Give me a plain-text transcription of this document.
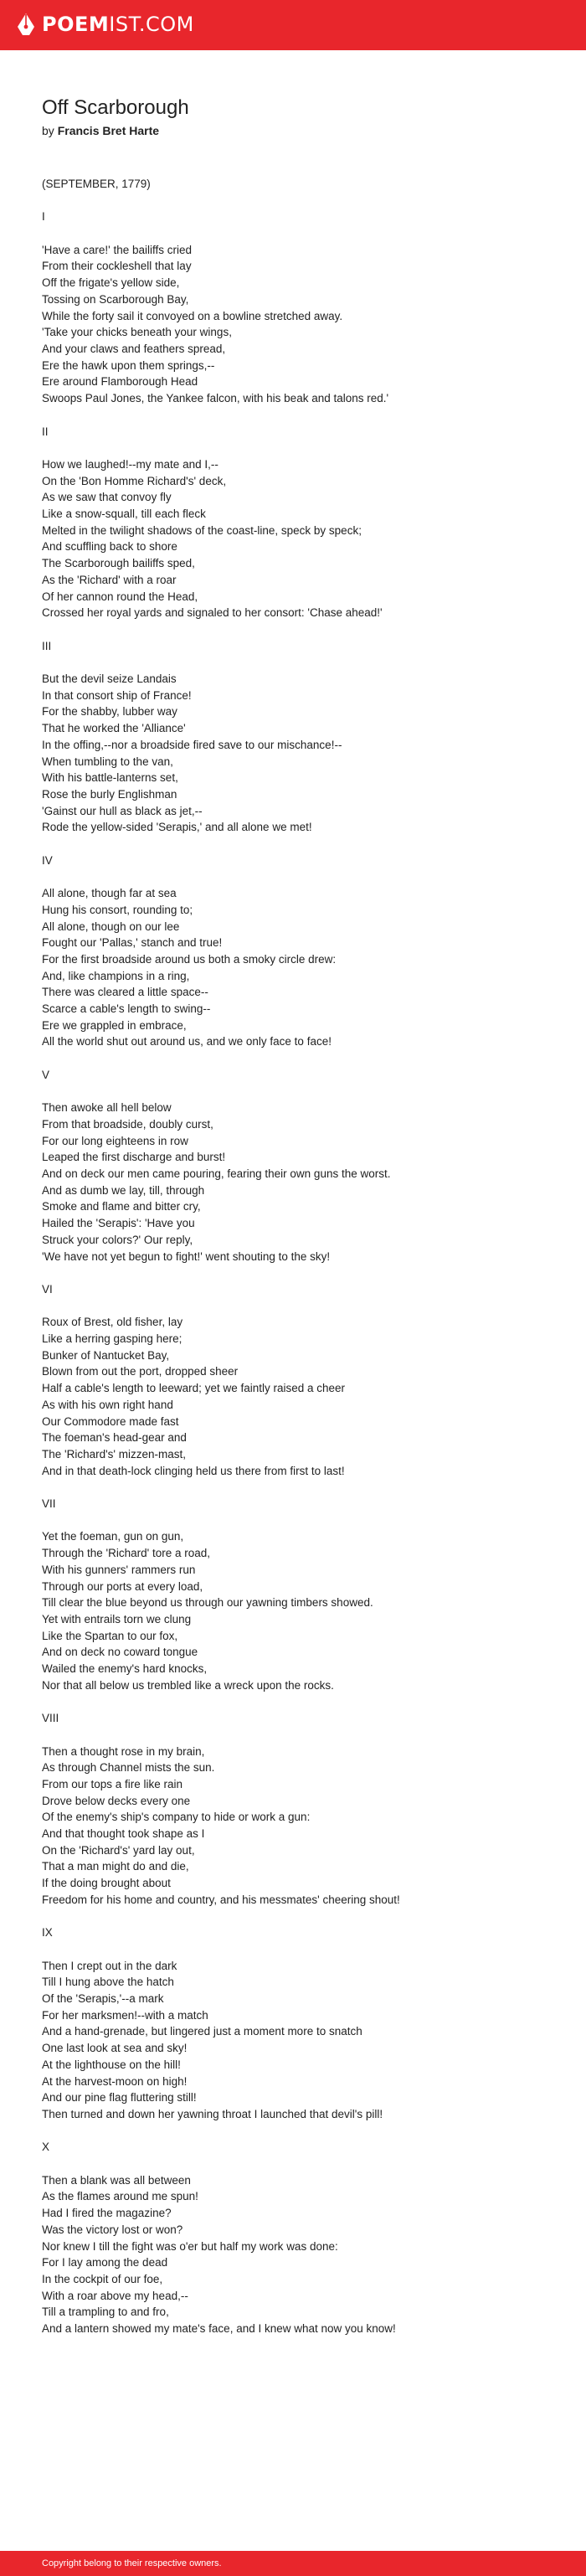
POEMIST.COM
Off Scarborough
by Francis Bret Harte
(SEPTEMBER, 1779)
I
'Have a care!' the bailiffs cried
From their cockleshell that lay
Off the frigate's yellow side,
Tossing on Scarborough Bay,
While the forty sail it convoyed on a bowline stretched away.
'Take your chicks beneath your wings,
And your claws and feathers spread,
Ere the hawk upon them springs,--
Ere around Flamborough Head
Swoops Paul Jones, the Yankee falcon, with his beak and talons red.'
II
How we laughed!--my mate and I,--
On the 'Bon Homme Richard's' deck,
As we saw that convoy fly
Like a snow-squall, till each fleck
Melted in the twilight shadows of the coast-line, speck by speck;
And scuffling back to shore
The Scarborough bailiffs sped,
As the 'Richard' with a roar
Of her cannon round the Head,
Crossed her royal yards and signaled to her consort: 'Chase ahead!'
III
But the devil seize Landais
In that consort ship of France!
For the shabby, lubber way
That he worked the 'Alliance'
In the offing,--nor a broadside fired save to our mischance!--
When tumbling to the van,
With his battle-lanterns set,
Rose the burly Englishman
'Gainst our hull as black as jet,--
Rode the yellow-sided 'Serapis,' and all alone we met!
IV
All alone, though far at sea
Hung his consort, rounding to;
All alone, though on our lee
Fought our 'Pallas,' stanch and true!
For the first broadside around us both a smoky circle drew:
And, like champions in a ring,
There was cleared a little space--
Scarce a cable's length to swing--
Ere we grappled in embrace,
All the world shut out around us, and we only face to face!
V
Then awoke all hell below
From that broadside, doubly curst,
For our long eighteens in row
Leaped the first discharge and burst!
And on deck our men came pouring, fearing their own guns the worst.
And as dumb we lay, till, through
Smoke and flame and bitter cry,
Hailed the 'Serapis': 'Have you
Struck your colors?' Our reply,
'We have not yet begun to fight!' went shouting to the sky!
VI
Roux of Brest, old fisher, lay
Like a herring gasping here;
Bunker of Nantucket Bay,
Blown from out the port, dropped sheer
Half a cable's length to leeward; yet we faintly raised a cheer
As with his own right hand
Our Commodore made fast
The foeman's head-gear and
The 'Richard's' mizzen-mast,
And in that death-lock clinging held us there from first to last!
VII
Yet the foeman, gun on gun,
Through the 'Richard' tore a road,
With his gunners' rammers run
Through our ports at every load,
Till clear the blue beyond us through our yawning timbers showed.
Yet with entrails torn we clung
Like the Spartan to our fox,
And on deck no coward tongue
Wailed the enemy's hard knocks,
Nor that all below us trembled like a wreck upon the rocks.
VIII
Then a thought rose in my brain,
As through Channel mists the sun.
From our tops a fire like rain
Drove below decks every one
Of the enemy's ship's company to hide or work a gun:
And that thought took shape as I
On the 'Richard's' yard lay out,
That a man might do and die,
If the doing brought about
Freedom for his home and country, and his messmates' cheering shout!
IX
Then I crept out in the dark
Till I hung above the hatch
Of the 'Serapis,'--a mark
For her marksmen!--with a match
And a hand-grenade, but lingered just a moment more to snatch
One last look at sea and sky!
At the lighthouse on the hill!
At the harvest-moon on high!
And our pine flag fluttering still!
Then turned and down her yawning throat I launched that devil's pill!
X
Then a blank was all between
As the flames around me spun!
Had I fired the magazine?
Was the victory lost or won?
Nor knew I till the fight was o'er but half my work was done:
For I lay among the dead
In the cockpit of our foe,
With a roar above my head,--
Till a trampling to and fro,
And a lantern showed my mate's face, and I knew what now you know!
Copyright belong to their respective owners.
